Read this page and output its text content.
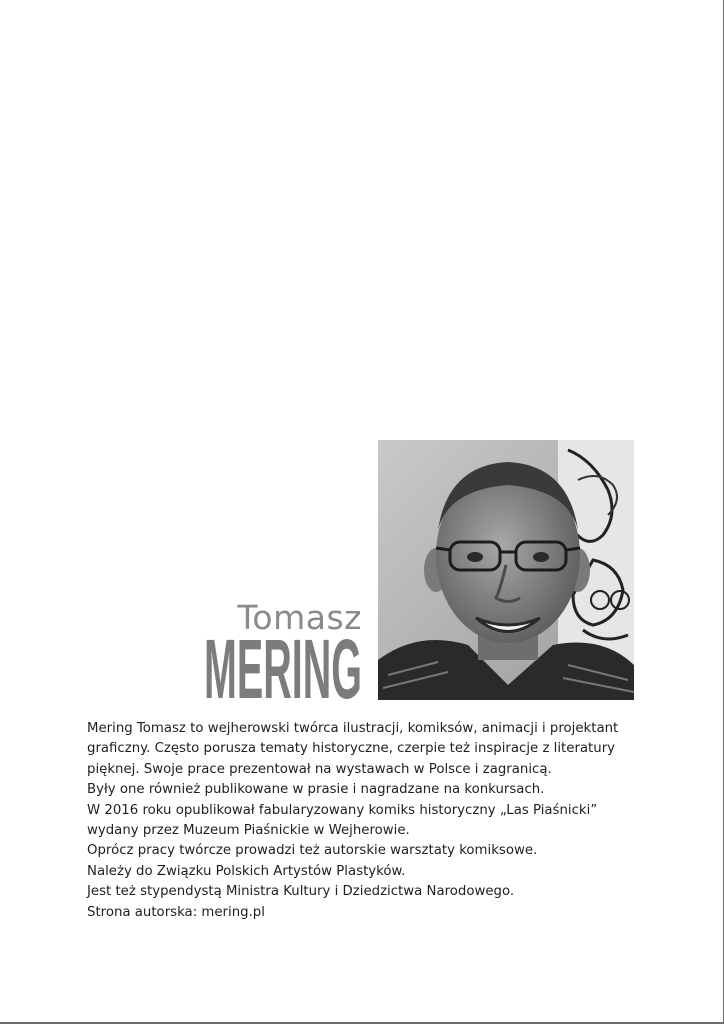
Tomasz
MERING
Mering Tomasz to wejherowski twórca ilustracji, komiksów, animacji i projektant
graficzny. Często porusza tematy historyczne, czerpie też inspiracje z literatury
pięknej. Swoje prace prezentował na wystawach w Polsce i zagranicą.
Były one również publikowane w prasie i nagradzane na konkursach.
W 2016 roku opublikował fabularyzowany komiks historyczny „Las Piaśnicki”
wydany przez Muzeum Piaśnickie w Wejherowie.
Oprócz pracy twórcze prowadzi też autorskie warsztaty komiksowe.
Należy do Związku Polskich Artystów Plastyków.
Jest też stypendystą Ministra Kultury i Dziedzictwa Narodowego.
Strona autorska: mering.pl
